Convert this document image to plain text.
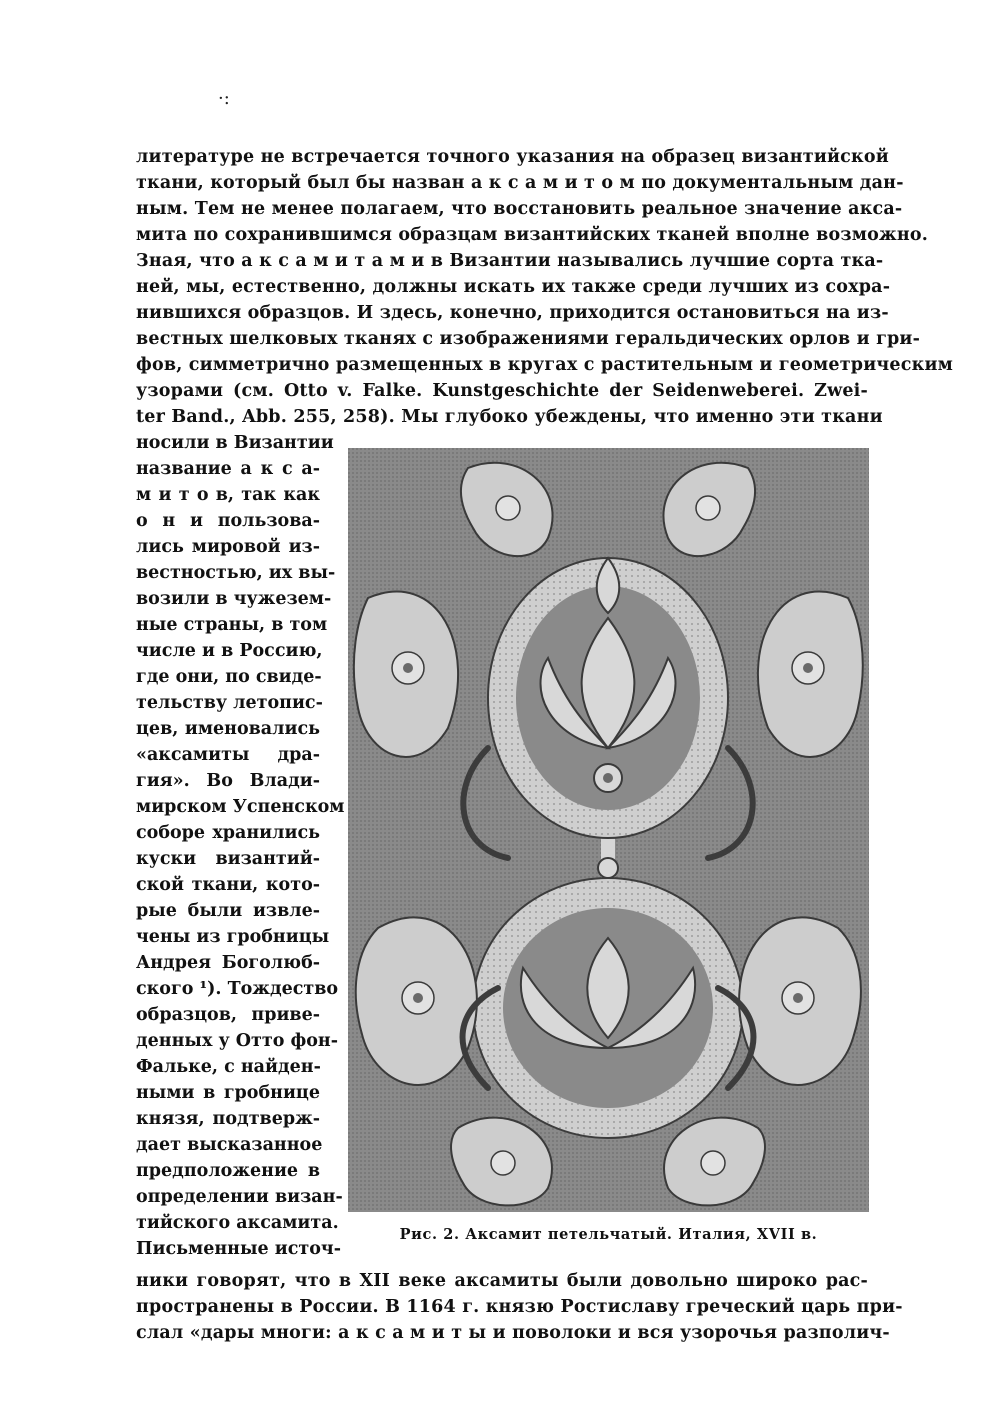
·:
литературе не встречается точного указания на образец византийской
ткани, который был бы назван а к с а м и т о м по документальным дан-
ным. Тем не менее полагаем, что восстановить реальное значение акса-
мита по сохранившимся образцам византийских тканей вполне возможно.
Зная, что а к с а м и т а м и в Византии назывались лучшие сорта тка-
ней, мы, естественно, должны искать их также среди лучших из сохра-
нившихся образцов. И здесь, конечно, приходится остановиться на из-
вестных шелковых тканях с изображениями геральдических орлов и гри-
фов, симметрично размещенных в кругах с растительным и геометрическим
узорами (см. Otto v. Falke. Kunstgeschichte der Seidenweberei. Zwei-
ter Band., Abb. 255, 258). Мы глубоко убеждены, что именно эти ткани
носили в Византии
название а к с а-
м и т о в, так как
о н и пользова-
лись мировой из-
вестностью, их вы-
возили в чужезем-
ные страны, в том
числе и в Россию,
где они, по свиде-
тельству летопис-
цев, именовались
«аксамиты дра-
гия». Во Влади-
мирском Успенском
соборе хранились
куски византий-
ской ткани, кото-
рые были извле-
чены из гробницы
Андрея Боголюб-
ского ¹). Тождество
образцов, приве-
денных у Отто фон-
Фальке, с найден-
ными в гробнице
князя, подтверж-
дает высказанное
предположение в
определении визан-
тийского аксамита.
Письменные источ-
Рис. 2. Аксамит петельчатый. Италия, XVII в.
ники говорят, что в XII веке аксамиты были довольно широко рас-
пространены в России. В 1164 г. князю Ростиславу греческий царь при-
слал «дары многи: а к с а м и т ы и поволоки и вся узорочья разполич-
